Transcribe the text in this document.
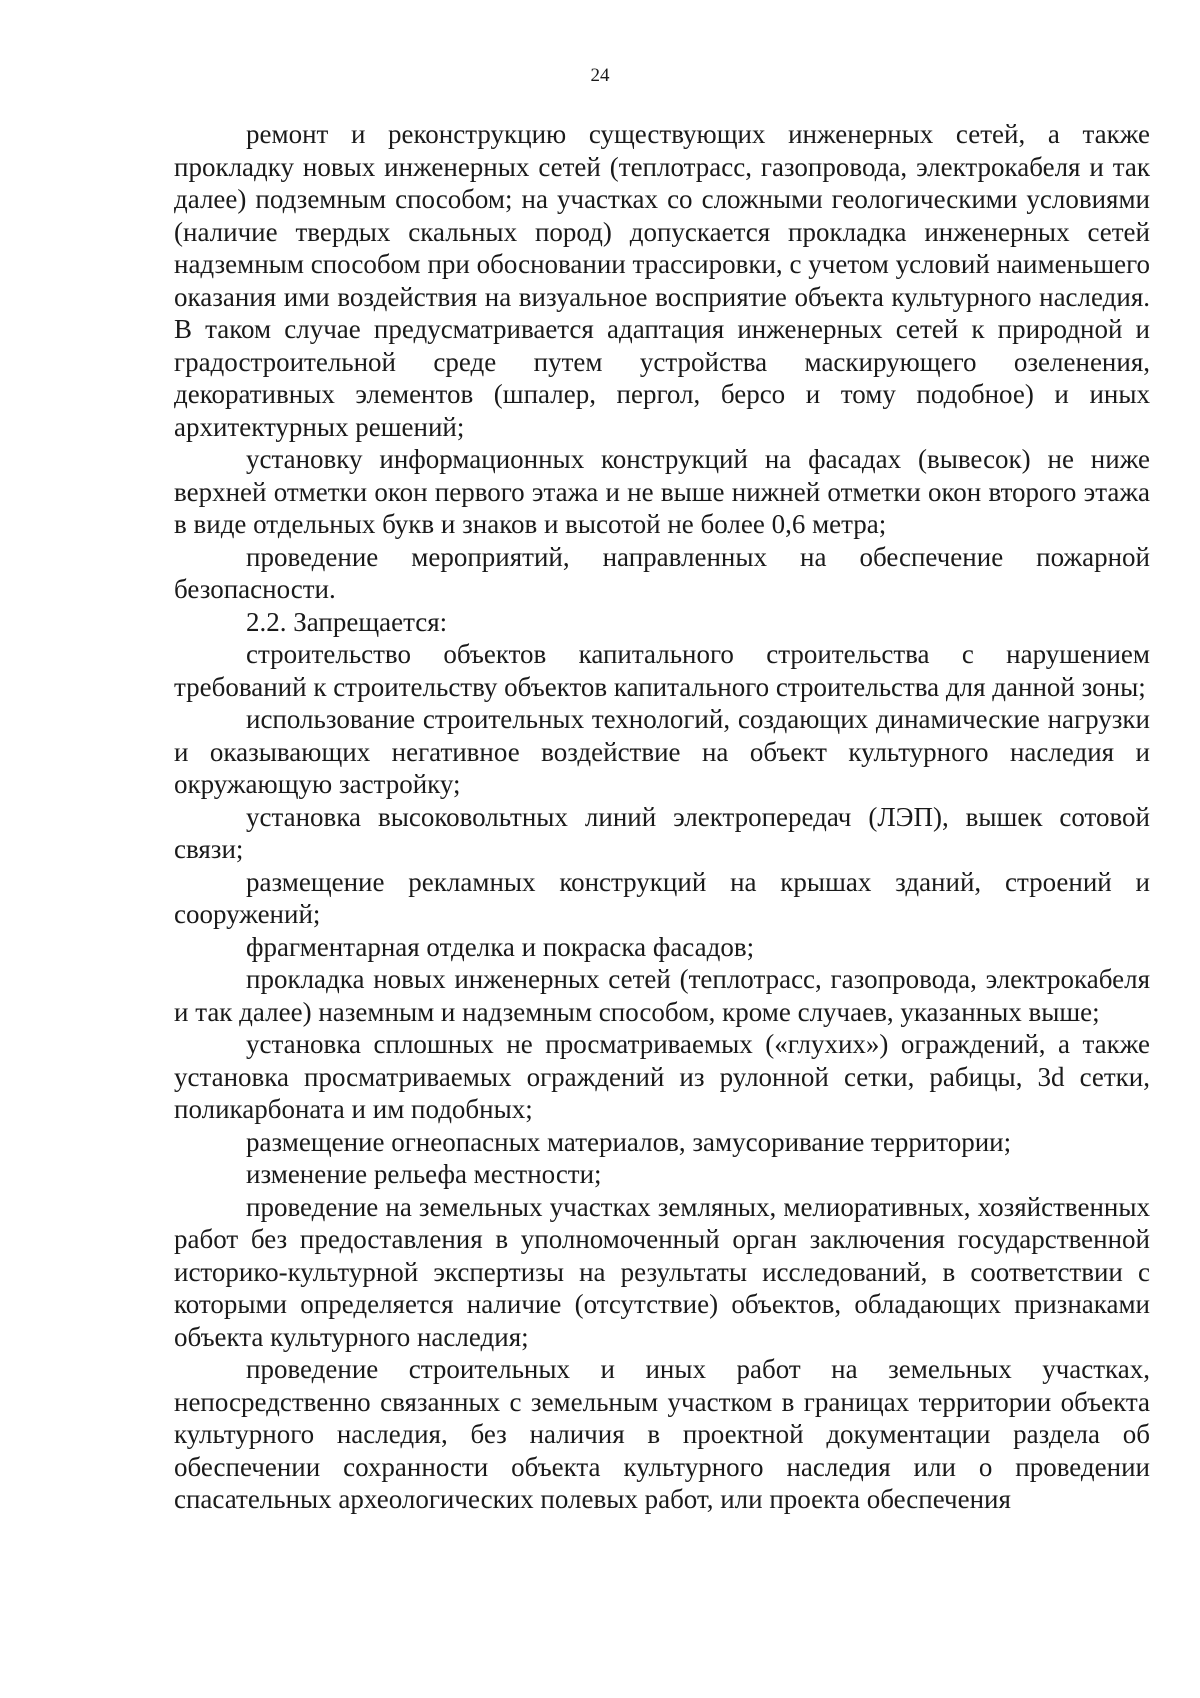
24

ремонт и реконструкцию существующих инженерных сетей, а также прокладку новых инженерных сетей (теплотрасс, газопровода, электрокабеля и так далее) подземным способом; на участках со сложными геологическими условиями (наличие твердых скальных пород) допускается прокладка инженерных сетей надземным способом при обосновании трассировки, с учетом условий наименьшего оказания ими воздействия на визуальное восприятие объекта культурного наследия. В таком случае предусматривается адаптация инженерных сетей к природной и градостроительной среде путем устройства маскирующего озеленения, декоративных элементов (шпалер, пергол, берсо и тому подобное) и иных архитектурных решений;

установку информационных конструкций на фасадах (вывесок) не ниже верхней отметки окон первого этажа и не выше нижней отметки окон второго этажа в виде отдельных букв и знаков и высотой не более 0,6 метра;

проведение мероприятий, направленных на обеспечение пожарной безопасности.

2.2. Запрещается:

строительство объектов капитального строительства с нарушением требований к строительству объектов капитального строительства для данной зоны;

использование строительных технологий, создающих динамические нагрузки и оказывающих негативное воздействие на объект культурного наследия и окружающую застройку;

установка высоковольтных линий электропередач (ЛЭП), вышек сотовой связи;

размещение рекламных конструкций на крышах зданий, строений и сооружений;

фрагментарная отделка и покраска фасадов;

прокладка новых инженерных сетей (теплотрасс, газопровода, электрокабеля и так далее) наземным и надземным способом, кроме случаев, указанных выше;

установка сплошных не просматриваемых («глухих») ограждений, а также установка просматриваемых ограждений из рулонной сетки, рабицы, 3d сетки, поликарбоната и им подобных;

размещение огнеопасных материалов, замусоривание территории;

изменение рельефа местности;

проведение на земельных участках земляных, мелиоративных, хозяйственных работ без предоставления в уполномоченный орган заключения государственной историко-культурной экспертизы на результаты исследований, в соответствии с которыми определяется наличие (отсутствие) объектов, обладающих признаками объекта культурного наследия;

проведение строительных и иных работ на земельных участках, непосредственно связанных с земельным участком в границах территории объекта культурного наследия, без наличия в проектной документации раздела об обеспечении сохранности объекта культурного наследия или о проведении спасательных археологических полевых работ, или проекта обеспечения
